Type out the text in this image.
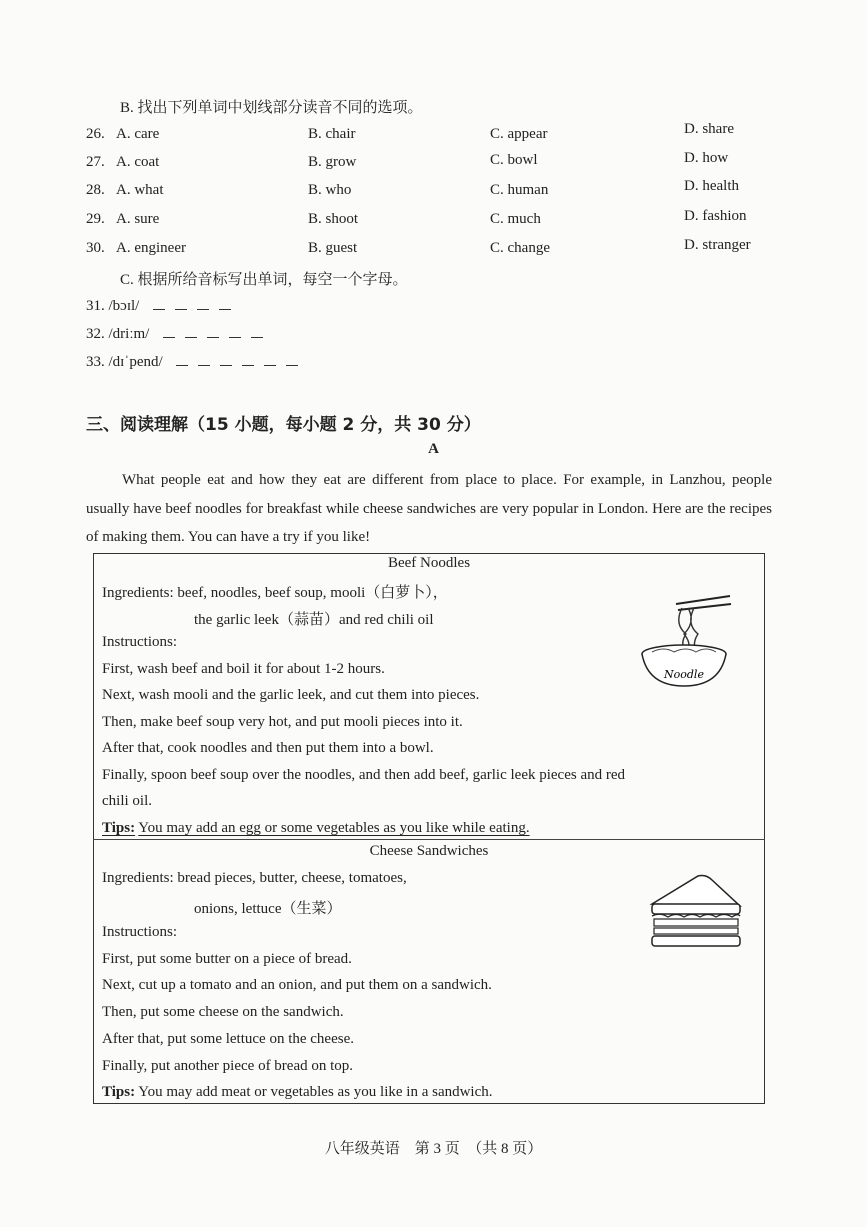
B. 找出下列单词中划线部分读音不同的选项。
26. A. care	B. chair	C. appear	D. share
27. A. coat	B. grow	C. bowl	D. how
28. A. what	B. who	C. human	D. health
29. A. sure	B. shoot	C. much	D. fashion
30. A. engineer	B. guest	C. change	D. stranger
C. 根据所给音标写出单词，每空一个字母。
31. /bɔɪl/
32. /driːm/
33. /dɪˈpend/
三、阅读理解（15 小题，每小题 2 分，共 30 分）
A
What people eat and how they eat are different from place to place. For example, in Lanzhou, people usually have beef noodles for breakfast while cheese sandwiches are very popular in London. Here are the recipes of making them. You can have a try if you like!
Beef Noodles
Ingredients: beef, noodles, beef soup, mooli（白萝卜），
the garlic leek（蒜苗）and red chili oil
Instructions:
First, wash beef and boil it for about 1-2 hours.
Next, wash mooli and the garlic leek, and cut them into pieces.
Then, make beef soup very hot, and put mooli pieces into it.
After that, cook noodles and then put them into a bowl.
Finally, spoon beef soup over the noodles, and then add beef, garlic leek pieces and red
chili oil.
Tips: You may add an egg or some vegetables as you like while eating.
Noodle
Cheese Sandwiches
Ingredients: bread pieces, butter, cheese, tomatoes,
onions, lettuce（生菜）
Instructions:
First, put some butter on a piece of bread.
Next, cut up a tomato and an onion, and put them on a sandwich.
Then, put some cheese on the sandwich.
After that, put some lettuce on the cheese.
Finally, put another piece of bread on top.
Tips: You may add meat or vegetables as you like in a sandwich.
八年级英语　第 3 页　（共 8 页）
